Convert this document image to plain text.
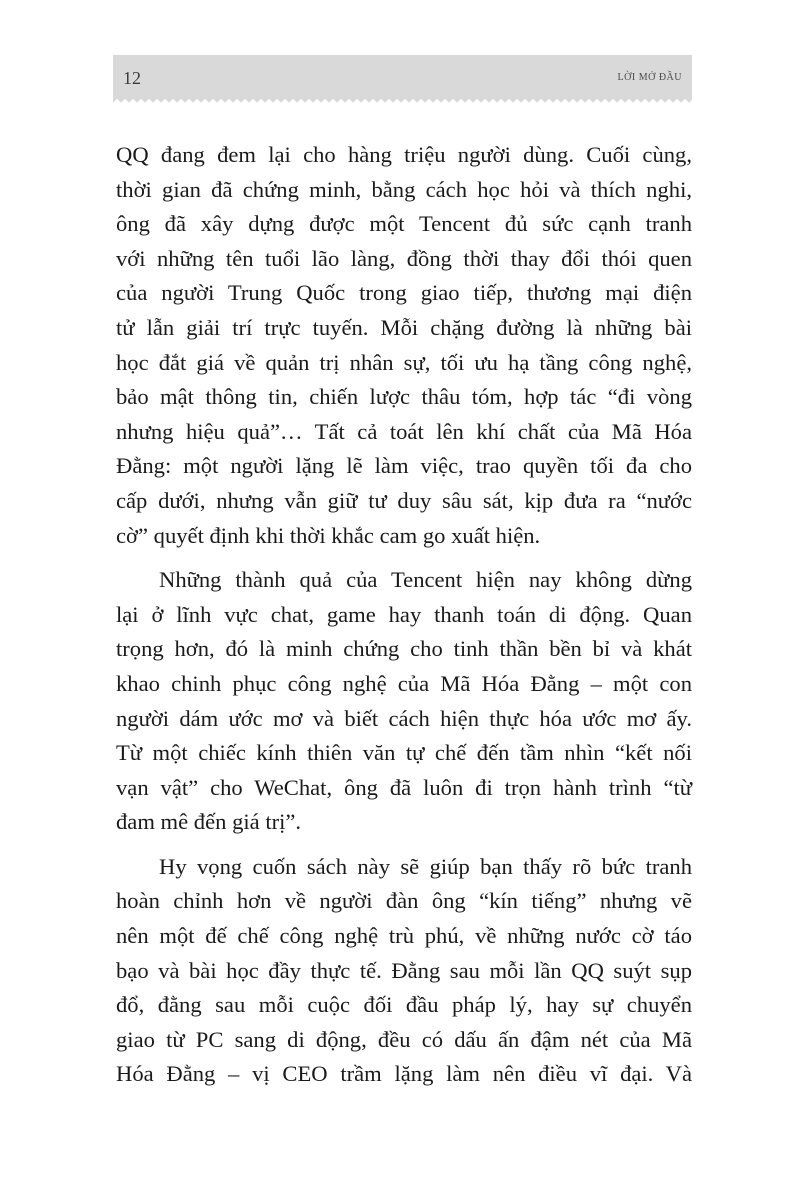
12	LỜI MỞ ĐẦU

QQ đang đem lại cho hàng triệu người dùng. Cuối cùng,
thời gian đã chứng minh, bằng cách học hỏi và thích nghi,
ông đã xây dựng được một Tencent đủ sức cạnh tranh
với những tên tuổi lão làng, đồng thời thay đổi thói quen
của người Trung Quốc trong giao tiếp, thương mại điện
tử lẫn giải trí trực tuyến. Mỗi chặng đường là những bài
học đắt giá về quản trị nhân sự, tối ưu hạ tầng công nghệ,
bảo mật thông tin, chiến lược thâu tóm, hợp tác “đi vòng
nhưng hiệu quả”… Tất cả toát lên khí chất của Mã Hóa
Đằng: một người lặng lẽ làm việc, trao quyền tối đa cho
cấp dưới, nhưng vẫn giữ tư duy sâu sát, kịp đưa ra “nước
cờ” quyết định khi thời khắc cam go xuất hiện.

Những thành quả của Tencent hiện nay không dừng
lại ở lĩnh vực chat, game hay thanh toán di động. Quan
trọng hơn, đó là minh chứng cho tinh thần bền bỉ và khát
khao chinh phục công nghệ của Mã Hóa Đằng – một con
người dám ước mơ và biết cách hiện thực hóa ước mơ ấy.
Từ một chiếc kính thiên văn tự chế đến tầm nhìn “kết nối
vạn vật” cho WeChat, ông đã luôn đi trọn hành trình “từ
đam mê đến giá trị”.

Hy vọng cuốn sách này sẽ giúp bạn thấy rõ bức tranh
hoàn chỉnh hơn về người đàn ông “kín tiếng” nhưng vẽ
nên một đế chế công nghệ trù phú, về những nước cờ táo
bạo và bài học đầy thực tế. Đằng sau mỗi lần QQ suýt sụp
đổ, đằng sau mỗi cuộc đối đầu pháp lý, hay sự chuyển
giao từ PC sang di động, đều có dấu ấn đậm nét của Mã
Hóa Đằng – vị CEO trầm lặng làm nên điều vĩ đại. Và
